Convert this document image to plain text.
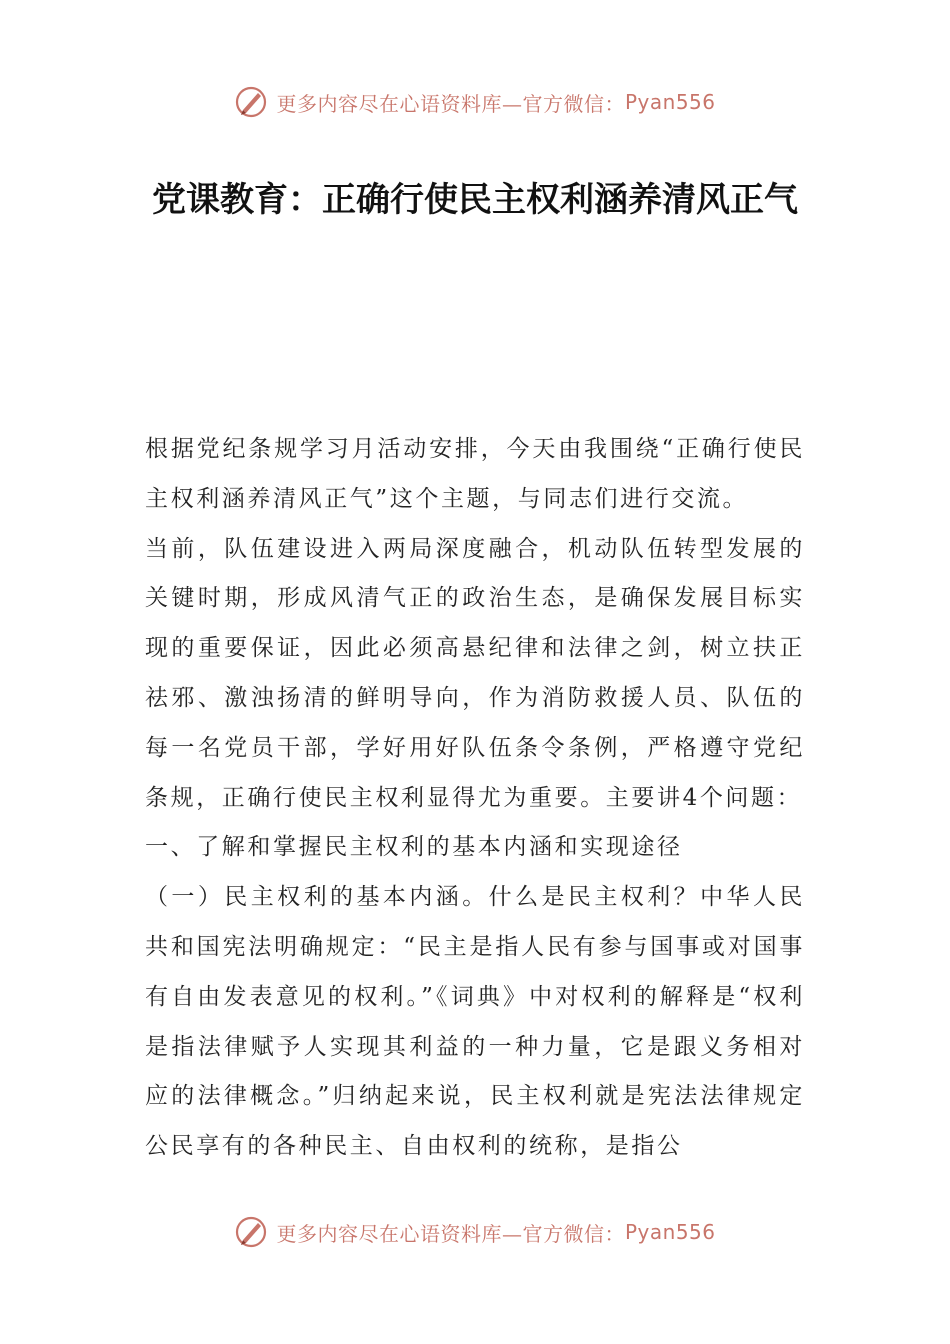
更多内容尽在心语资料库—官方微信： Pyan556
党课教育：正确行使民主权利涵养清风正气

根据党纪条规学习月活动安排，今天由我围绕“正确行使民主权利涵养清风正气”这个主题，与同志们进行交流。

当前，队伍建设进入两局深度融合，机动队伍转型发展的关键时期，形成风清气正的政治生态，是确保发展目标实现的重要保证，因此必须高悬纪律和法律之剑，树立扶正祛邪、激浊扬清的鲜明导向，作为消防救援人员、队伍的每一名党员干部，学好用好队伍条令条例，严格遵守党纪条规，正确行使民主权利显得尤为重要。主要讲4个问题：

一、了解和掌握民主权利的基本内涵和实现途径

（一）民主权利的基本内涵。什么是民主权利？中华人民共和国宪法明确规定：“民主是指人民有参与国事或对国事有自由发表意见的权利。”《词典》中对权利的解释是“权利是指法律赋予人实现其利益的一种力量，它是跟义务相对应的法律概念。”归纳起来说，民主权利就是宪法法律规定公民享有的各种民主、自由权利的统称，是指公

更多内容尽在心语资料库—官方微信： Pyan556
